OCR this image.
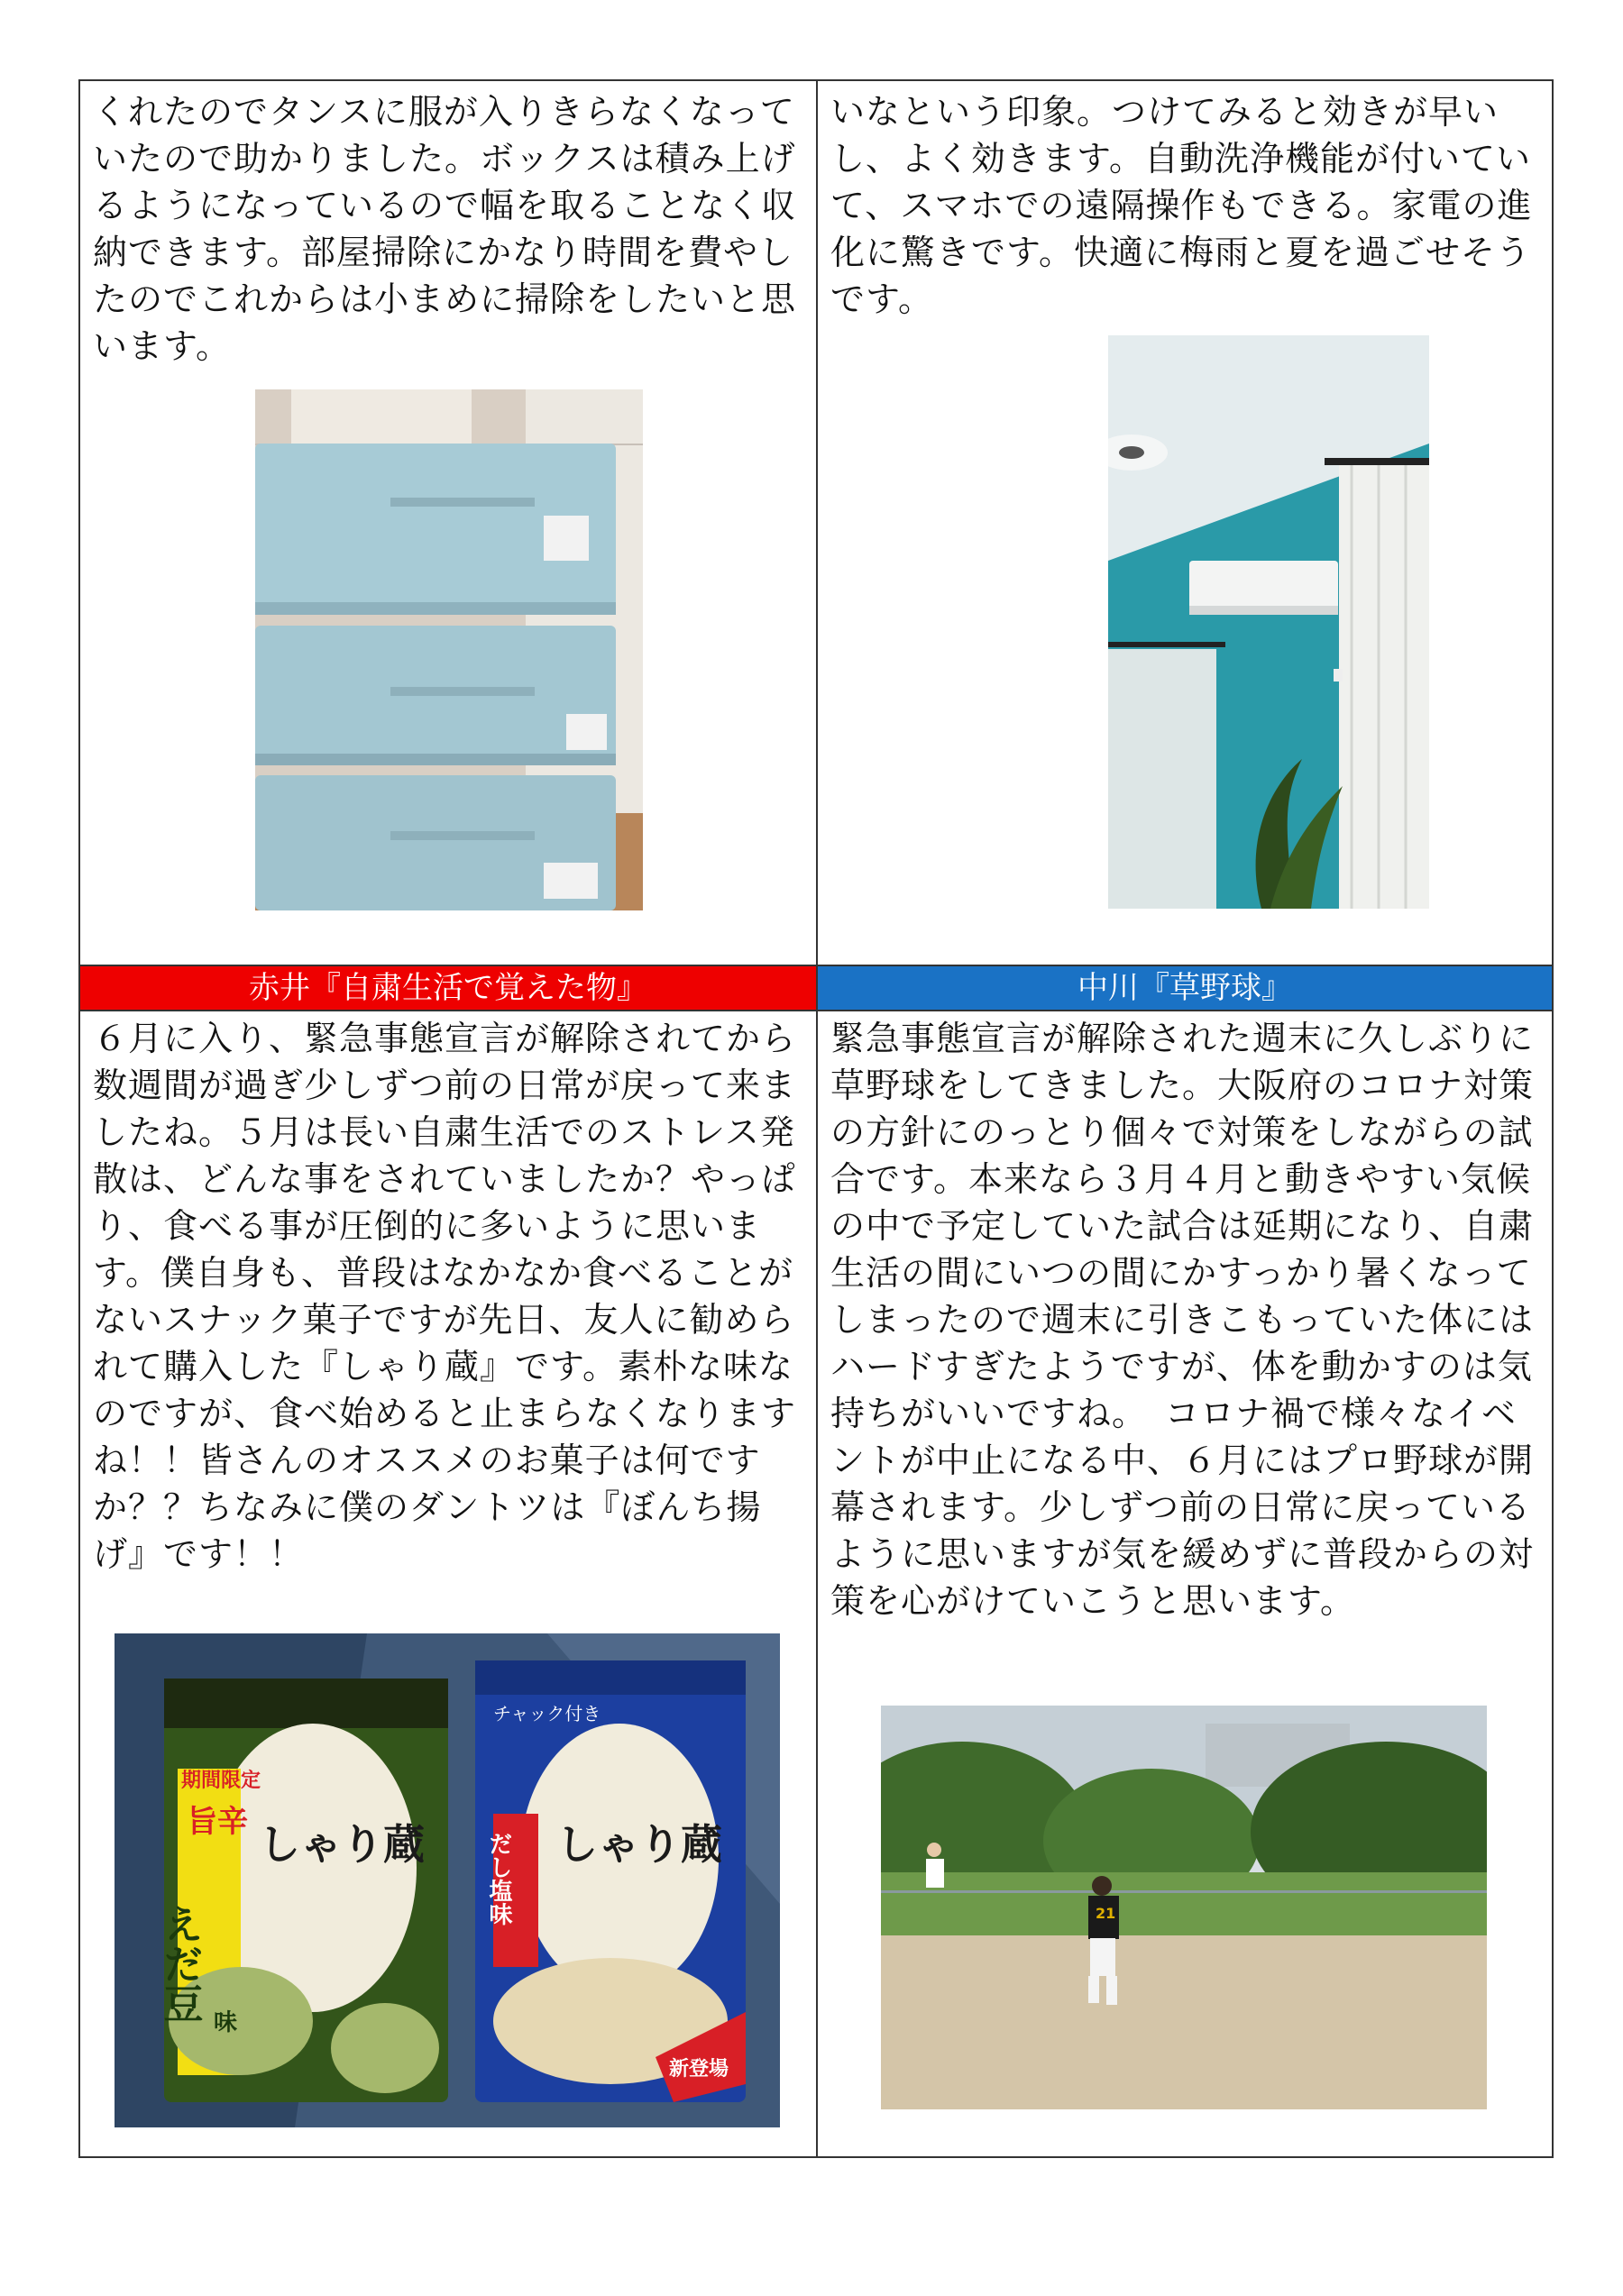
くれたのでタンスに服が入りきらなくなっていたので助かりました。ボックスは積み上げるようになっているので幅を取ることなく収納できます。部屋掃除にかなり時間を費やしたのでこれからは小まめに掃除をしたいと思います。

いなという印象。つけてみると効きが早いし、よく効きます。自動洗浄機能が付いていて、スマホでの遠隔操作もできる。家電の進化に驚きです。快適に梅雨と夏を過ごせそうです。

赤井『自粛生活で覚えた物』	中川『草野球』

６月に入り、緊急事態宣言が解除されてから数週間が過ぎ少しずつ前の日常が戻って来ましたね。５月は長い自粛生活でのストレス発散は、どんな事をされていましたか？やっぱり、食べる事が圧倒的に多いように思います。僕自身も、普段はなかなか食べることがないスナック菓子ですが先日、友人に勧められて購入した『しゃり蔵』です。素朴な味なのですが、食べ始めると止まらなくなりますね！！皆さんのオススメのお菓子は何ですか？？ちなみに僕のダントツは『ぼんち揚げ』です！！

期間限定
旨辛
えだ豆 味
しゃり蔵
チャック付き
だし塩味 しゃり蔵
新登場

緊急事態宣言が解除された週末に久しぶりに草野球をしてきました。大阪府のコロナ対策の方針にのっとり個々で対策をしながらの試合です。本来なら３月４月と動きやすい気候の中で予定していた試合は延期になり、自粛生活の間にいつの間にかすっかり暑くなってしまったので週末に引きこもっていた体にはハードすぎたようですが、体を動かすのは気持ちがいいですね。　コロナ禍で様々なイベントが中止になる中、６月にはプロ野球が開幕されます。少しずつ前の日常に戻っているように思いますが気を緩めずに普段からの対策を心がけていこうと思います。

21
